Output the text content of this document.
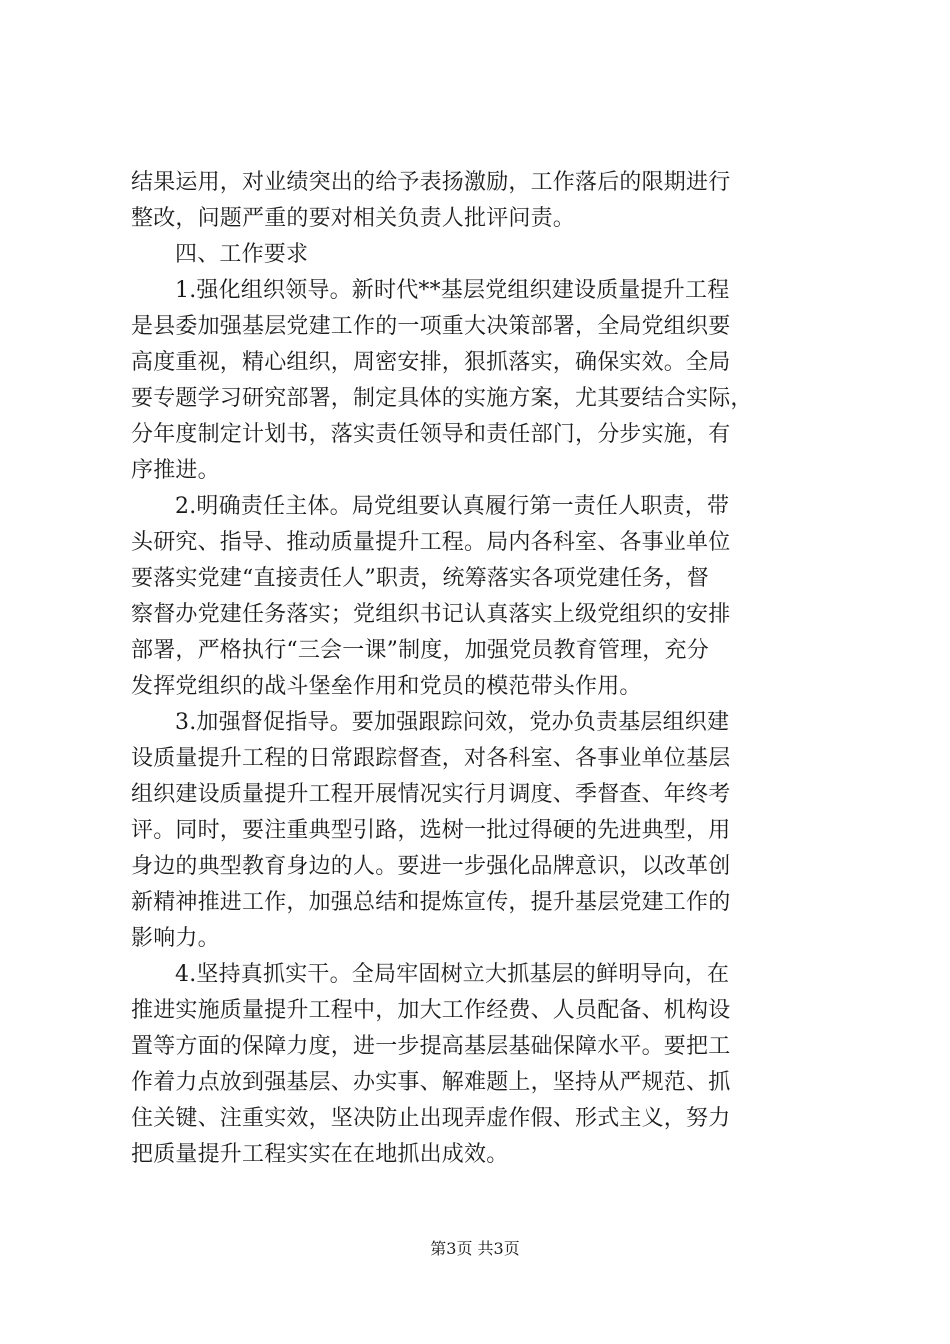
结果运用，对业绩突出的给予表扬激励，工作落后的限期进行
整改，问题严重的要对相关负责人批评问责。
四、工作要求
1.强化组织领导。新时代**基层党组织建设质量提升工程
是县委加强基层党建工作的一项重大决策部署，全局党组织要
高度重视，精心组织，周密安排，狠抓落实，确保实效。全局
要专题学习研究部署，制定具体的实施方案，尤其要结合实际，
分年度制定计划书，落实责任领导和责任部门，分步实施，有
序推进。
2.明确责任主体。局党组要认真履行第一责任人职责，带
头研究、指导、推动质量提升工程。局内各科室、各事业单位
要落实党建“直接责任人”职责，统筹落实各项党建任务，督
察督办党建任务落实；党组织书记认真落实上级党组织的安排
部署，严格执行“三会一课”制度，加强党员教育管理，充分
发挥党组织的战斗堡垒作用和党员的模范带头作用。
3.加强督促指导。要加强跟踪问效，党办负责基层组织建
设质量提升工程的日常跟踪督查，对各科室、各事业单位基层
组织建设质量提升工程开展情况实行月调度、季督查、年终考
评。同时，要注重典型引路，选树一批过得硬的先进典型，用
身边的典型教育身边的人。要进一步强化品牌意识，以改革创
新精神推进工作，加强总结和提炼宣传，提升基层党建工作的
影响力。
4.坚持真抓实干。全局牢固树立大抓基层的鲜明导向，在
推进实施质量提升工程中，加大工作经费、人员配备、机构设
置等方面的保障力度，进一步提高基层基础保障水平。要把工
作着力点放到强基层、办实事、解难题上，坚持从严规范、抓
住关键、注重实效，坚决防止出现弄虚作假、形式主义，努力
把质量提升工程实实在在地抓出成效。
第3页 共3页
